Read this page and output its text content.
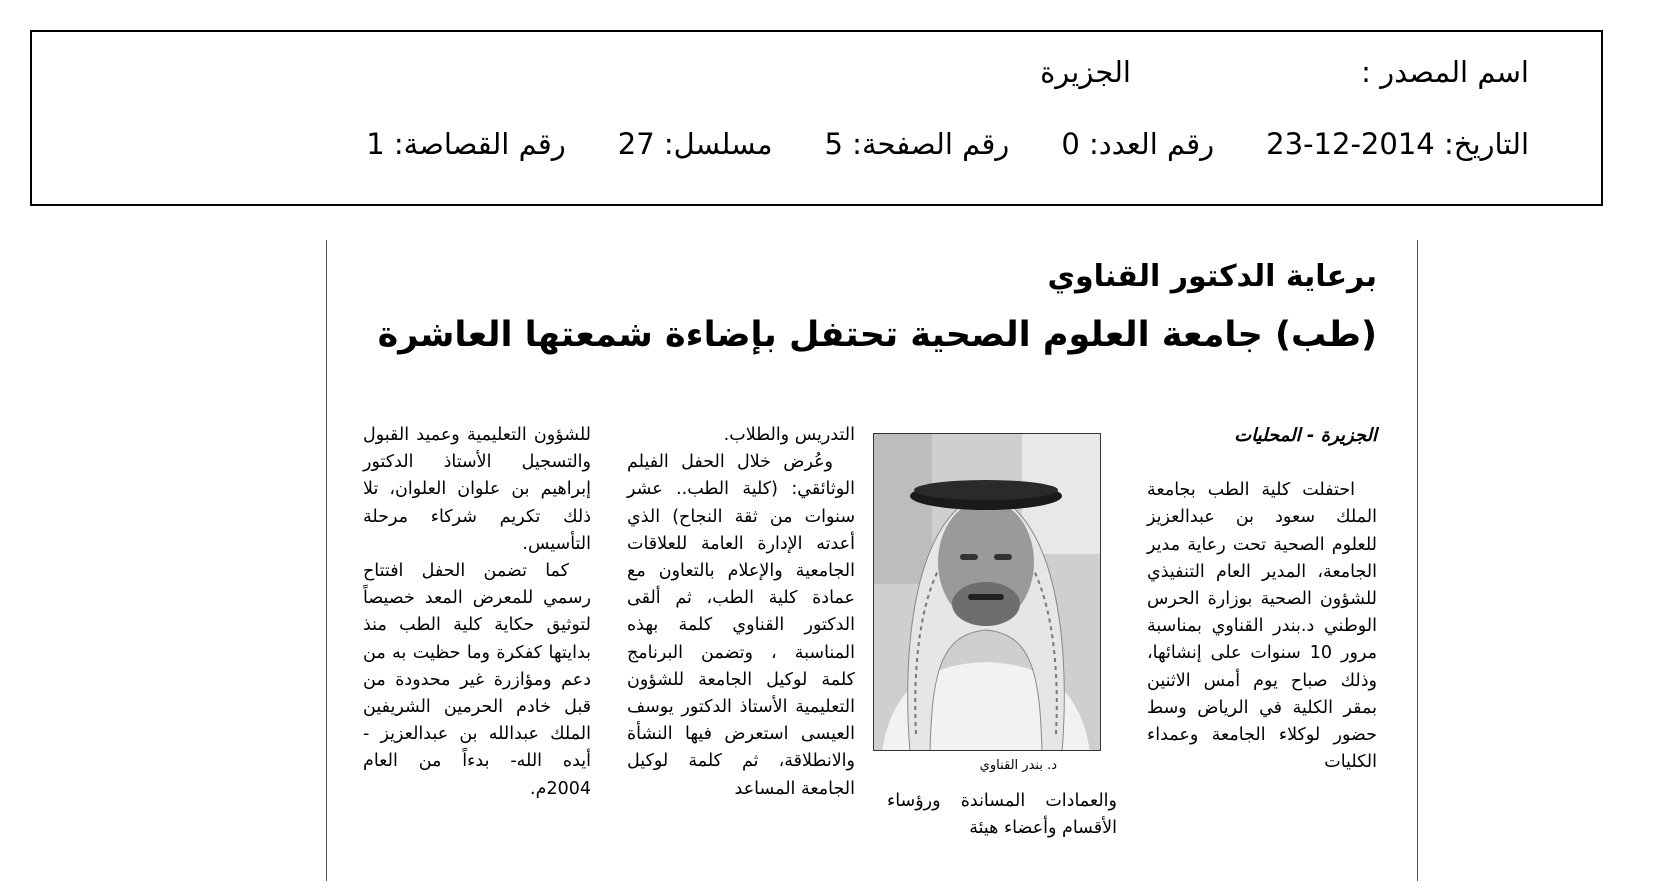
اسم المصدر :
الجزيرة
التاريخ: 2014-12-23
رقم العدد: 0
رقم الصفحة: 5
مسلسل: 27
رقم القصاصة: 1
برعاية الدكتور القناوي
(طب) جامعة العلوم الصحية تحتفل بإضاءة شمعتها العاشرة
الجزيرة - المحليات
احتفلت كلية الطب بجامعة الملك سعود بن عبدالعزيز للعلوم الصحية تحت رعاية مدير الجامعة، المدير العام التنفيذي للشؤون الصحية بوزارة الحرس الوطني د.بندر القناوي بمناسبة مرور 10 سنوات على إنشائها، وذلك صباح يوم أمس الاثنين بمقر الكلية في الرياض وسط حضور لوكلاء الجامعة وعمداء الكليات
د. بندر القناوي
والعمادات المساندة ورؤساء الأقسام وأعضاء هيئة
التدريس والطلاب.
وعُرض خلال الحفل الفيلم الوثائقي: (كلية الطب.. عشر سنوات من ثقة النجاح) الذي أعدته الإدارة العامة للعلاقات الجامعية والإعلام بالتعاون مع عمادة كلية الطب، ثم ألقى الدكتور القناوي كلمة بهذه المناسبة ، وتضمن البرنامج كلمة لوكيل الجامعة للشؤون التعليمية الأستاذ الدكتور يوسف العيسى استعرض فيها النشأة والانطلاقة، ثم كلمة لوكيل الجامعة المساعد
للشؤون التعليمية وعميد القبول والتسجيل الأستاذ الدكتور إبراهيم بن علوان العلوان، تلا ذلك تكريم شركاء مرحلة التأسيس.
كما تضمن الحفل افتتاح رسمي للمعرض المعد خصيصاً لتوثيق حكاية كلية الطب منذ بدايتها كفكرة وما حظيت به من دعم ومؤازرة غير محدودة من قبل خادم الحرمين الشريفين الملك عبدالله بن عبدالعزيز - أيده الله- بدءاً من العام 2004م.
